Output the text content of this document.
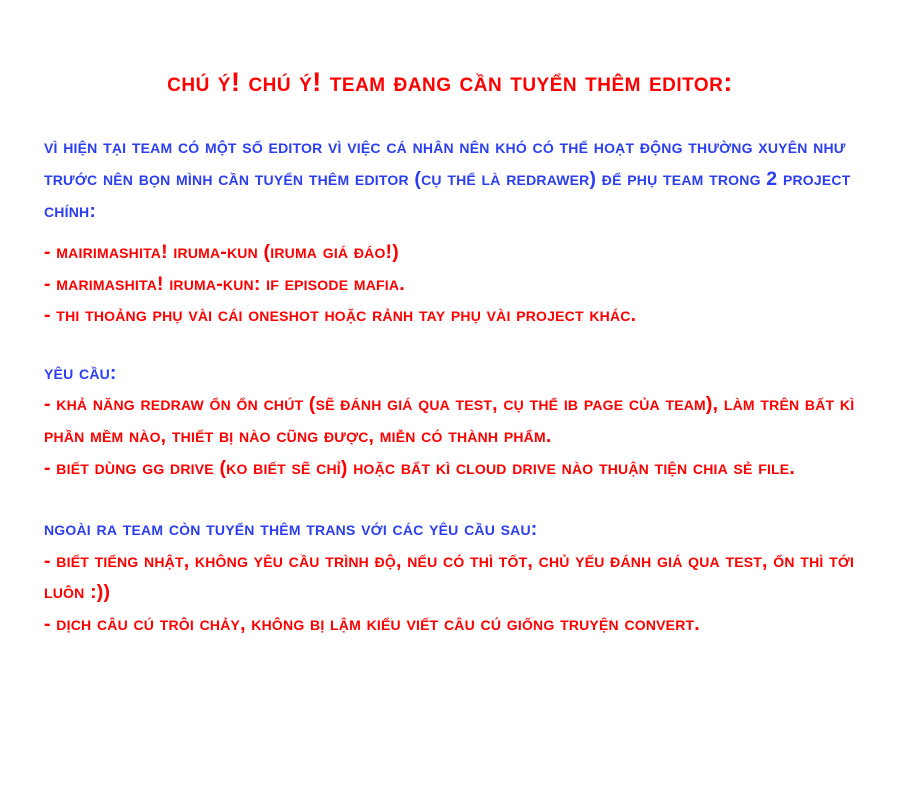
chú ý! chú ý! team đang cần tuyển thêm editor:

vì hiện tại team có một số editor vì việc cá nhân nên khó có thể hoạt động thường xuyên như trước nên bọn mình cần tuyển thêm editor (cụ thể là redrawer) để phụ team trong 2 project chính:

- mairimashita! iruma-kun (iruma giá đáo!)

- marimashita! iruma-kun: if episode mafia.

- thi thoảng phụ vài cái oneshot hoặc rảnh tay phụ vài project khác.

yêu cầu:

- khả năng redraw ổn ổn chút (sẽ đánh giá qua test, cụ thể ib page của team), làm trên bất kì phần mềm nào, thiết bị nào cũng được, miễn có thành phẩm.

- biết dùng gg drive (ko biết sẽ chỉ) hoặc bất kì cloud drive nào thuận tiện chia sẻ file.

ngoài ra team còn tuyển thêm trans với các yêu cầu sau:

- biết tiếng nhật, không yêu cầu trình độ, nếu có thì tốt, chủ yếu đánh giá qua test, ổn thì tới luôn :))

- dịch câu cú trôi chảy, không bị lậm kiểu viết câu cú giống truyện convert.
